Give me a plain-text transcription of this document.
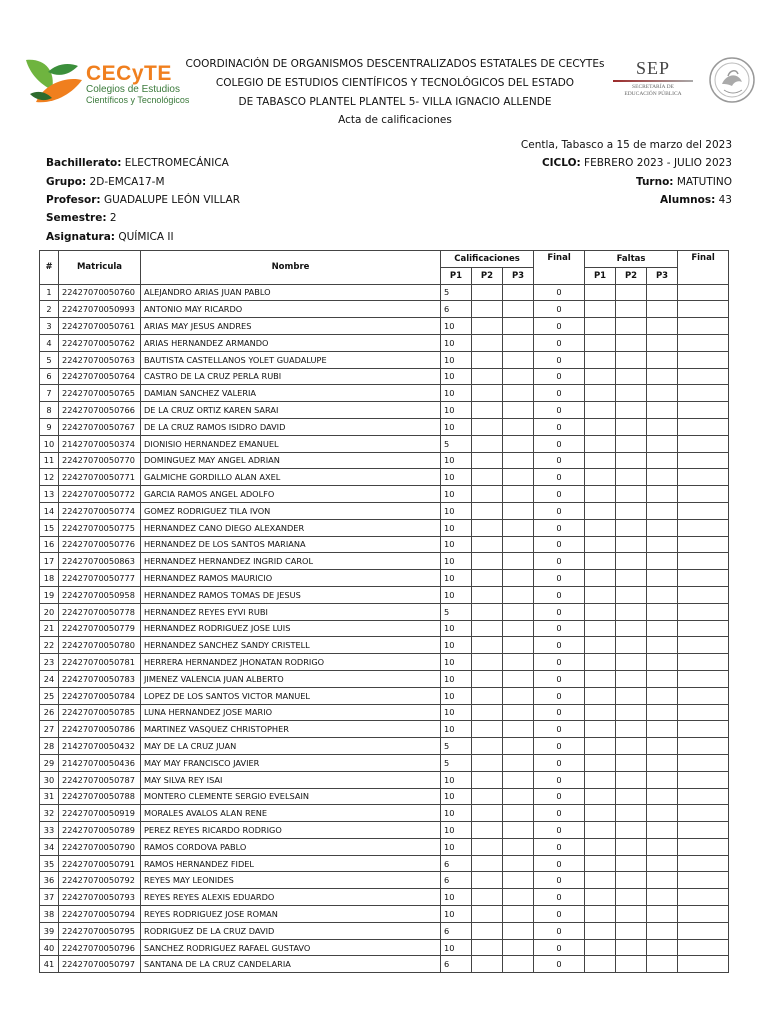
CECyTE
Colegios de Estudios
Científicos y Tecnológicos
COORDINACIÓN DE ORGANISMOS DESCENTRALIZADOS ESTATALES DE CECYTEs
COLEGIO DE ESTUDIOS CIENTÍFICOS Y TECNOLÓGICOS DEL ESTADO
DE TABASCO PLANTEL PLANTEL 5- VILLA IGNACIO ALLENDE
Acta de calificaciones
SEP
SECRETARÍA DE
EDUCACIÓN PÚBLICA
Centla, Tabasco a 15 de marzo del 2023
Bachillerato: ELECTROMECÁNICA	CICLO: FEBRERO 2023 - JULIO 2023
Grupo: 2D-EMCA17-M	Turno: MATUTINO
Profesor: GUADALUPE LEÓN VILLAR	Alumnos: 43
Semestre: 2
Asignatura: QUÍMICA II
#	Matricula	Nombre	Calificaciones			Final	Faltas			Final
			P1	P2	P3		P1	P2	P3	
1	22427070050760	ALEJANDRO ARIAS JUAN PABLO	5			0				
2	22427070050993	ANTONIO MAY RICARDO	6			0				
3	22427070050761	ARIAS MAY JESUS ANDRES	10			0				
4	22427070050762	ARIAS HERNANDEZ ARMANDO	10			0				
5	22427070050763	BAUTISTA CASTELLANOS YOLET GUADALUPE	10			0				
6	22427070050764	CASTRO DE LA CRUZ PERLA RUBI	10			0				
7	22427070050765	DAMIAN SANCHEZ VALERIA	10			0				
8	22427070050766	DE LA CRUZ ORTIZ KAREN SARAI	10			0				
9	22427070050767	DE LA CRUZ RAMOS ISIDRO DAVID	10			0				
10	21427070050374	DIONISIO HERNANDEZ EMANUEL	5			0				
11	22427070050770	DOMINGUEZ MAY ANGEL ADRIAN	10			0				
12	22427070050771	GALMICHE GORDILLO ALAN AXEL	10			0				
13	22427070050772	GARCIA RAMOS ANGEL ADOLFO	10			0				
14	22427070050774	GOMEZ RODRIGUEZ TILA IVON	10			0				
15	22427070050775	HERNANDEZ CANO DIEGO ALEXANDER	10			0				
16	22427070050776	HERNANDEZ DE LOS SANTOS MARIANA	10			0				
17	22427070050863	HERNANDEZ HERNANDEZ INGRID CAROL	10			0				
18	22427070050777	HERNANDEZ RAMOS MAURICIO	10			0				
19	22427070050958	HERNANDEZ RAMOS TOMAS DE JESUS	10			0				
20	22427070050778	HERNANDEZ REYES EYVI RUBI	5			0				
21	22427070050779	HERNANDEZ RODRIGUEZ JOSE LUIS	10			0				
22	22427070050780	HERNANDEZ SANCHEZ SANDY CRISTELL	10			0				
23	22427070050781	HERRERA HERNANDEZ JHONATAN RODRIGO	10			0				
24	22427070050783	JIMENEZ VALENCIA JUAN ALBERTO	10			0				
25	22427070050784	LOPEZ DE LOS SANTOS VICTOR MANUEL	10			0				
26	22427070050785	LUNA HERNANDEZ JOSE MARIO	10			0				
27	22427070050786	MARTINEZ VASQUEZ CHRISTOPHER	10			0				
28	21427070050432	MAY DE LA CRUZ JUAN	5			0				
29	21427070050436	MAY MAY FRANCISCO JAVIER	5			0				
30	22427070050787	MAY SILVA REY ISAI	10			0				
31	22427070050788	MONTERO CLEMENTE SERGIO EVELSAIN	10			0				
32	22427070050919	MORALES AVALOS ALAN RENE	10			0				
33	22427070050789	PEREZ REYES RICARDO RODRIGO	10			0				
34	22427070050790	RAMOS CORDOVA PABLO	10			0				
35	22427070050791	RAMOS HERNANDEZ FIDEL	6			0				
36	22427070050792	REYES MAY LEONIDES	6			0				
37	22427070050793	REYES REYES ALEXIS EDUARDO	10			0				
38	22427070050794	REYES RODRIGUEZ JOSE ROMAN	10			0				
39	22427070050795	RODRIGUEZ DE LA CRUZ DAVID	6			0				
40	22427070050796	SANCHEZ RODRIGUEZ RAFAEL GUSTAVO	10			0				
41	22427070050797	SANTANA DE LA CRUZ CANDELARIA	6			0				
